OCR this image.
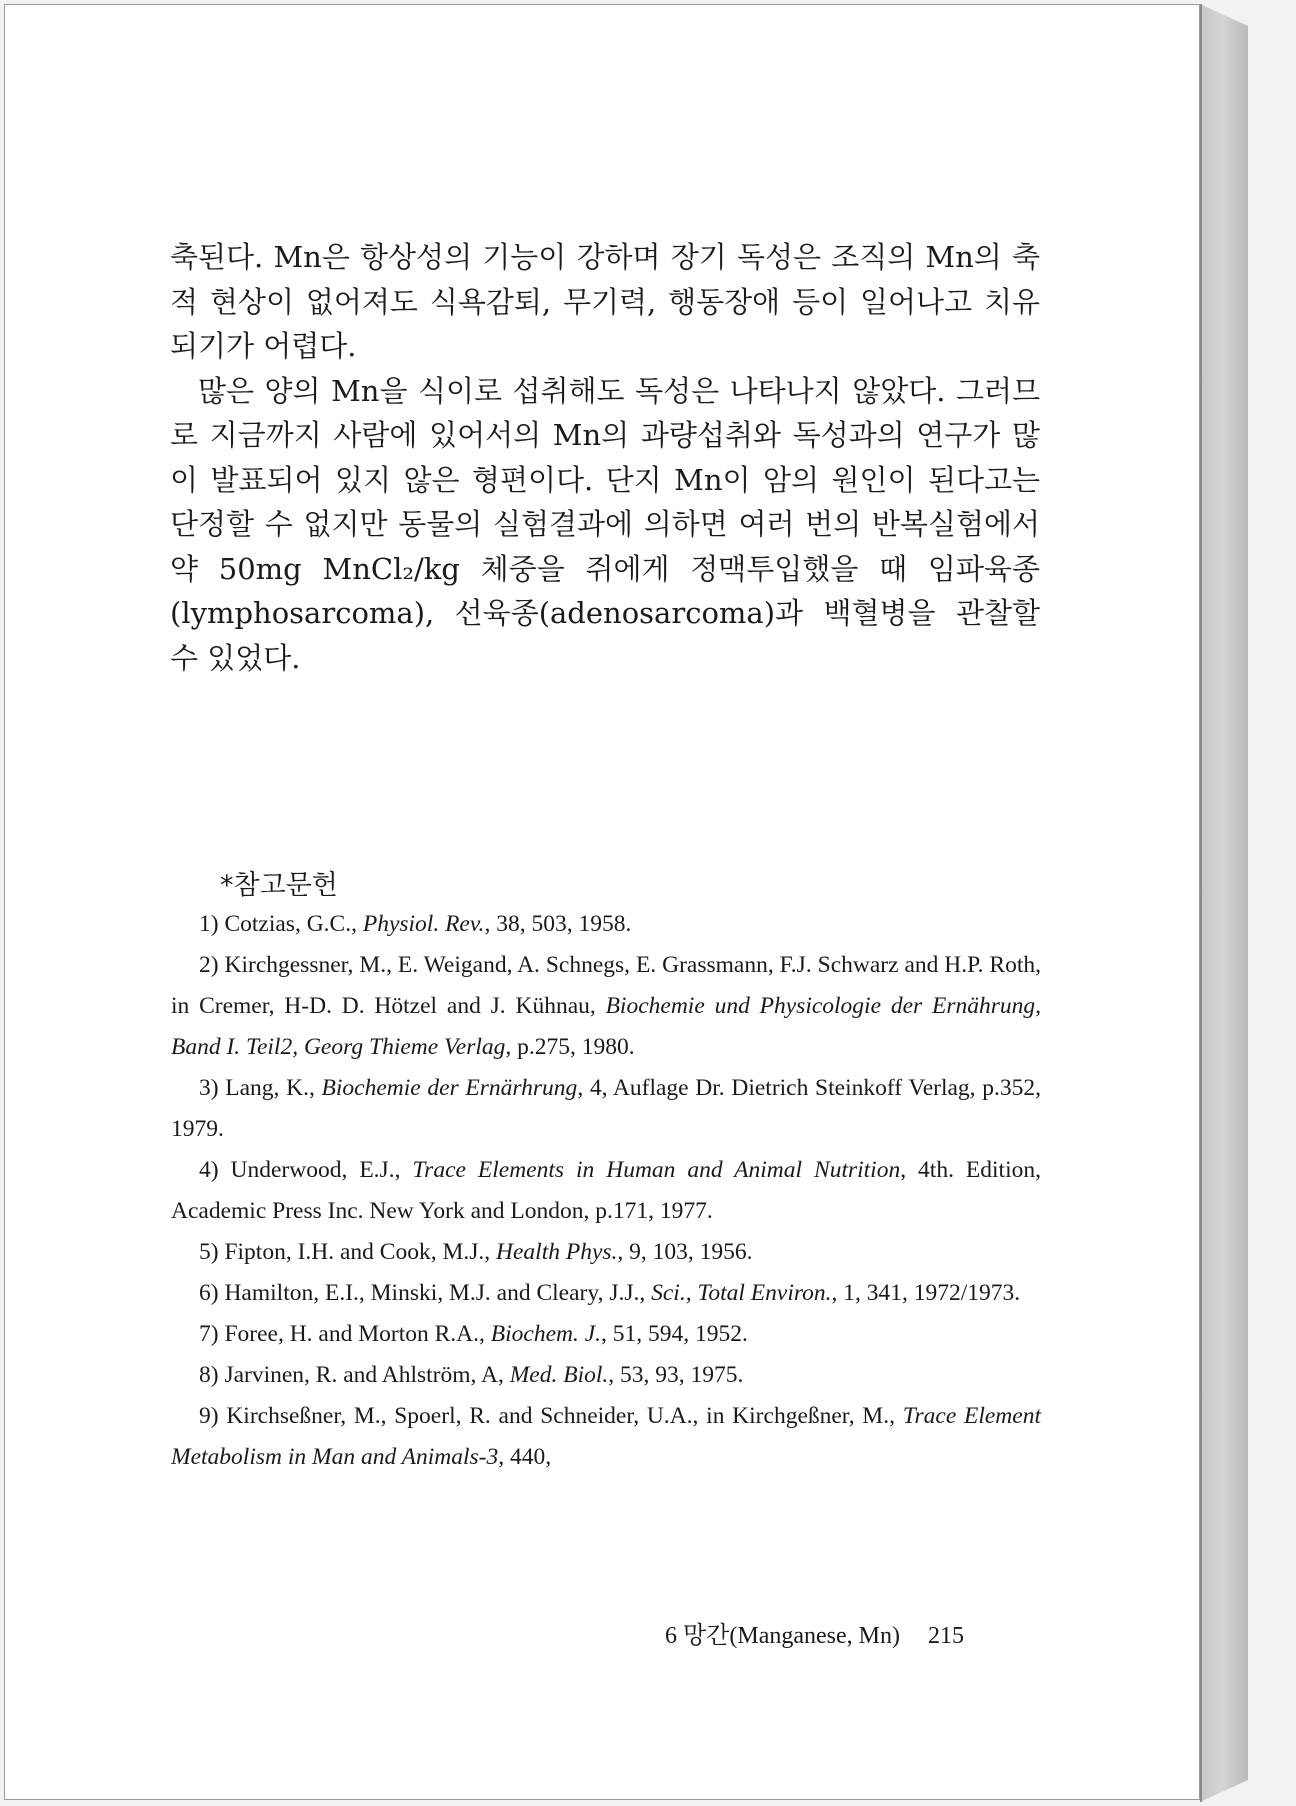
축된다. Mn은 항상성의 기능이 강하며 장기 독성은 조직의 Mn의 축적 현상이 없어져도 식욕감퇴, 무기력, 행동장애 등이 일어나고 치유되기가 어렵다.

많은 양의 Mn을 식이로 섭취해도 독성은 나타나지 않았다. 그러므로 지금까지 사람에 있어서의 Mn의 과량섭취와 독성과의 연구가 많이 발표되어 있지 않은 형편이다. 단지 Mn이 암의 원인이 된다고는 단정할 수 없지만 동물의 실험결과에 의하면 여러 번의 반복실험에서 약 50mg MnCl₂/kg 체중을 쥐에게 정맥투입했을 때 임파육종(lymphosarcoma), 선육종(adenosarcoma)과 백혈병을 관찰할 수 있었다.

*참고문헌

1) Cotzias, G.C., Physiol. Rev., 38, 503, 1958.

2) Kirchgessner, M., E. Weigand, A. Schnegs, E. Grassmann, F.J. Schwarz and H.P. Roth, in Cremer, H-D. D. Hötzel and J. Kühnau, Biochemie und Physicologie der Ernährung, Band I. Teil2, Georg Thieme Verlag, p.275, 1980.

3) Lang, K., Biochemie der Ernärhrung, 4, Auflage Dr. Dietrich Steinkoff Verlag, p.352, 1979.

4) Underwood, E.J., Trace Elements in Human and Animal Nutrition, 4th. Edition, Academic Press Inc. New York and London, p.171, 1977.

5) Fipton, I.H. and Cook, M.J., Health Phys., 9, 103, 1956.

6) Hamilton, E.I., Minski, M.J. and Cleary, J.J., Sci., Total Environ., 1, 341, 1972/1973.

7) Foree, H. and Morton R.A., Biochem. J., 51, 594, 1952.

8) Jarvinen, R. and Ahlström, A, Med. Biol., 53, 93, 1975.

9) Kirchseßner, M., Spoerl, R. and Schneider, U.A., in Kirchgeßner, M., Trace Element Metabolism in Man and Animals-3, 440,

6 망간(Manganese, Mn) 215
